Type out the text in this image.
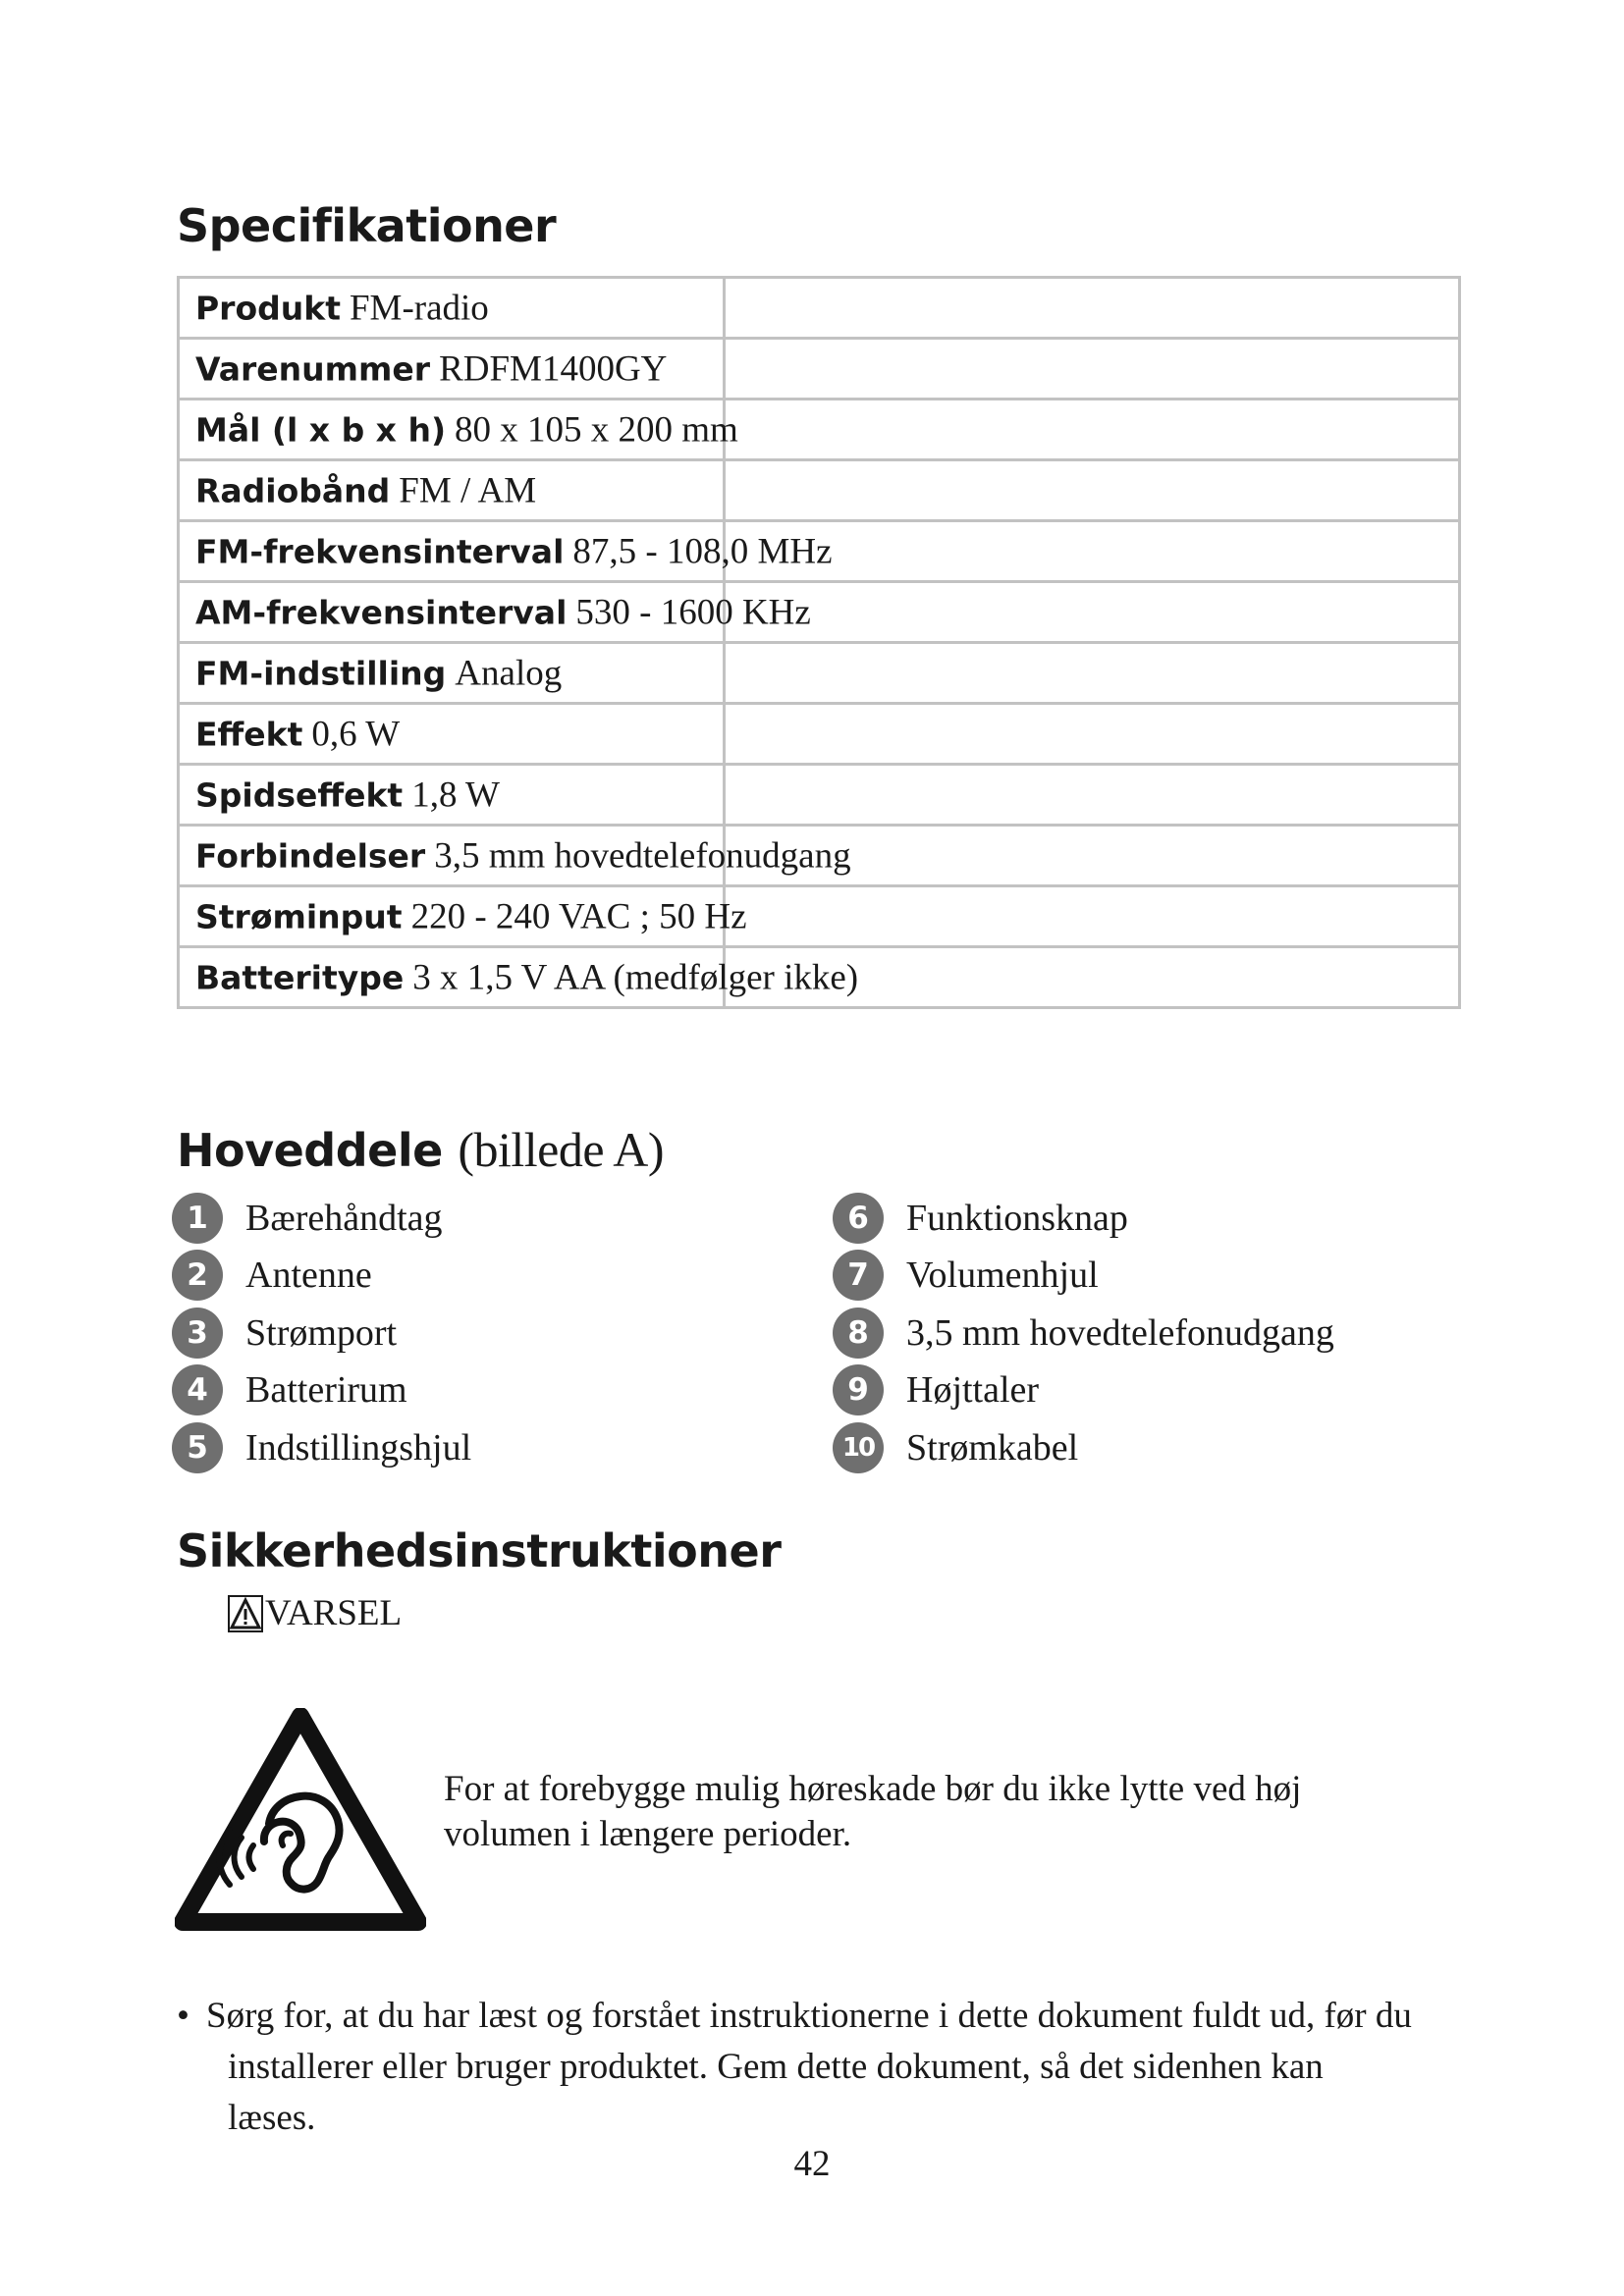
Specifikationer
Produkt FM-radio	

Varenummer RDFM1400GY	

Mål (l x b x h) 80 x 105 x 200 mm	

Radiobånd FM / AM	

FM-frekvensinterval 87,5 - 108,0 MHz	

AM-frekvensinterval 530 - 1600 KHz	

FM-indstilling Analog	

Effekt 0,6 W	

Spidseffekt 1,8 W	

Forbindelser 3,5 mm hovedtelefonudgang	

Strøminput 220 - 240 VAC ; 50 Hz	

Batteritype 3 x 1,5 V AA (medfølger ikke)	

Hoveddele (billede A)
1	Bærehåndtag
2	Antenne
3	Strømport
4	Batterirum
5	Indstillingshjul
6	Funktionsknap
7	Volumenhjul
8	3,5 mm hovedtelefonudgang
9	Højttaler
10 Strømkabel
Sikkerhedsinstruktioner
VARSEL
For at forebygge mulig høreskade bør du ikke lytte ved høj volumen i længere perioder.
• Sørg for, at du har læst og forstået instruktionerne i dette dokument fuldt ud, før du installerer eller bruger produktet. Gem dette dokument, så det sidenhen kan læses.
42
